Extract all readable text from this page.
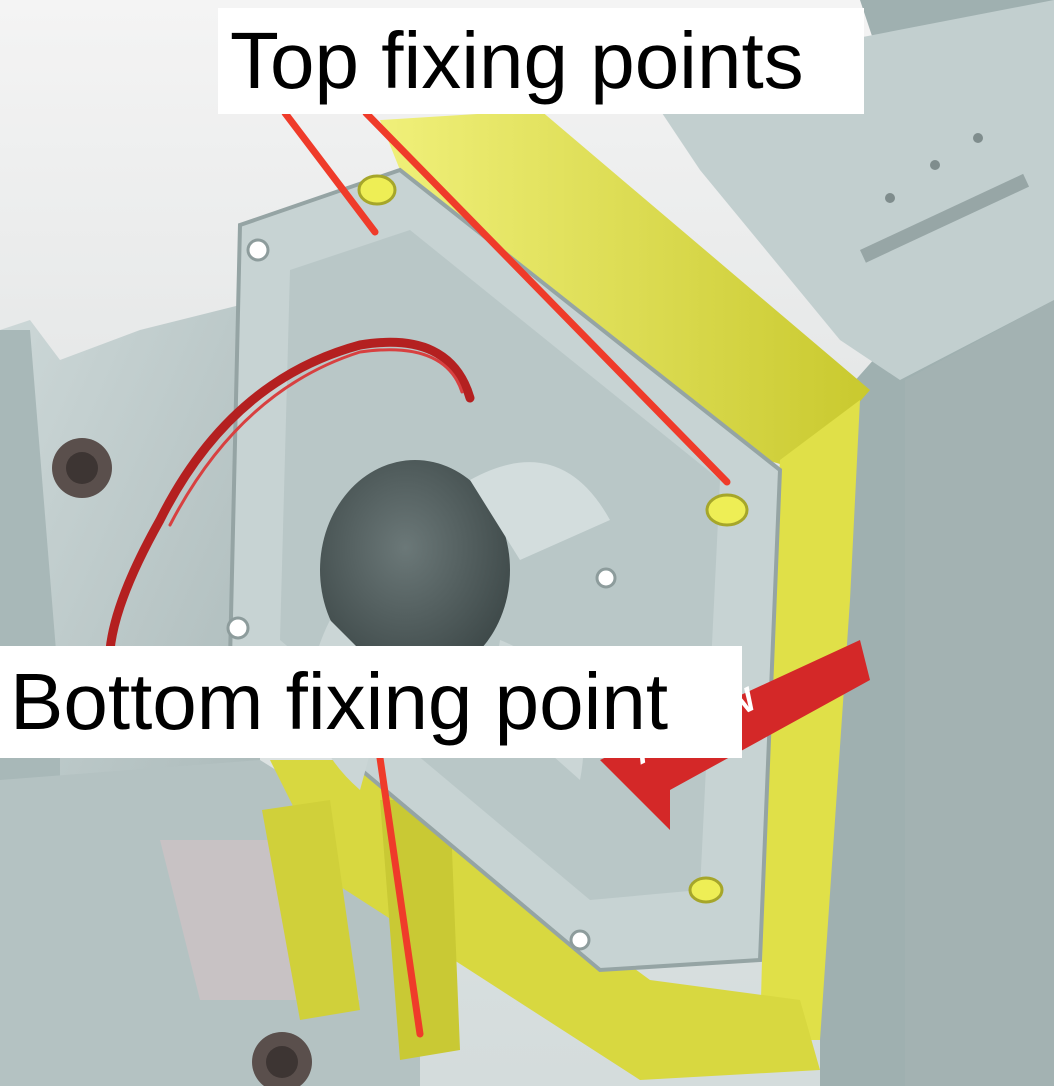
Top fixing points
Bottom fixing point
